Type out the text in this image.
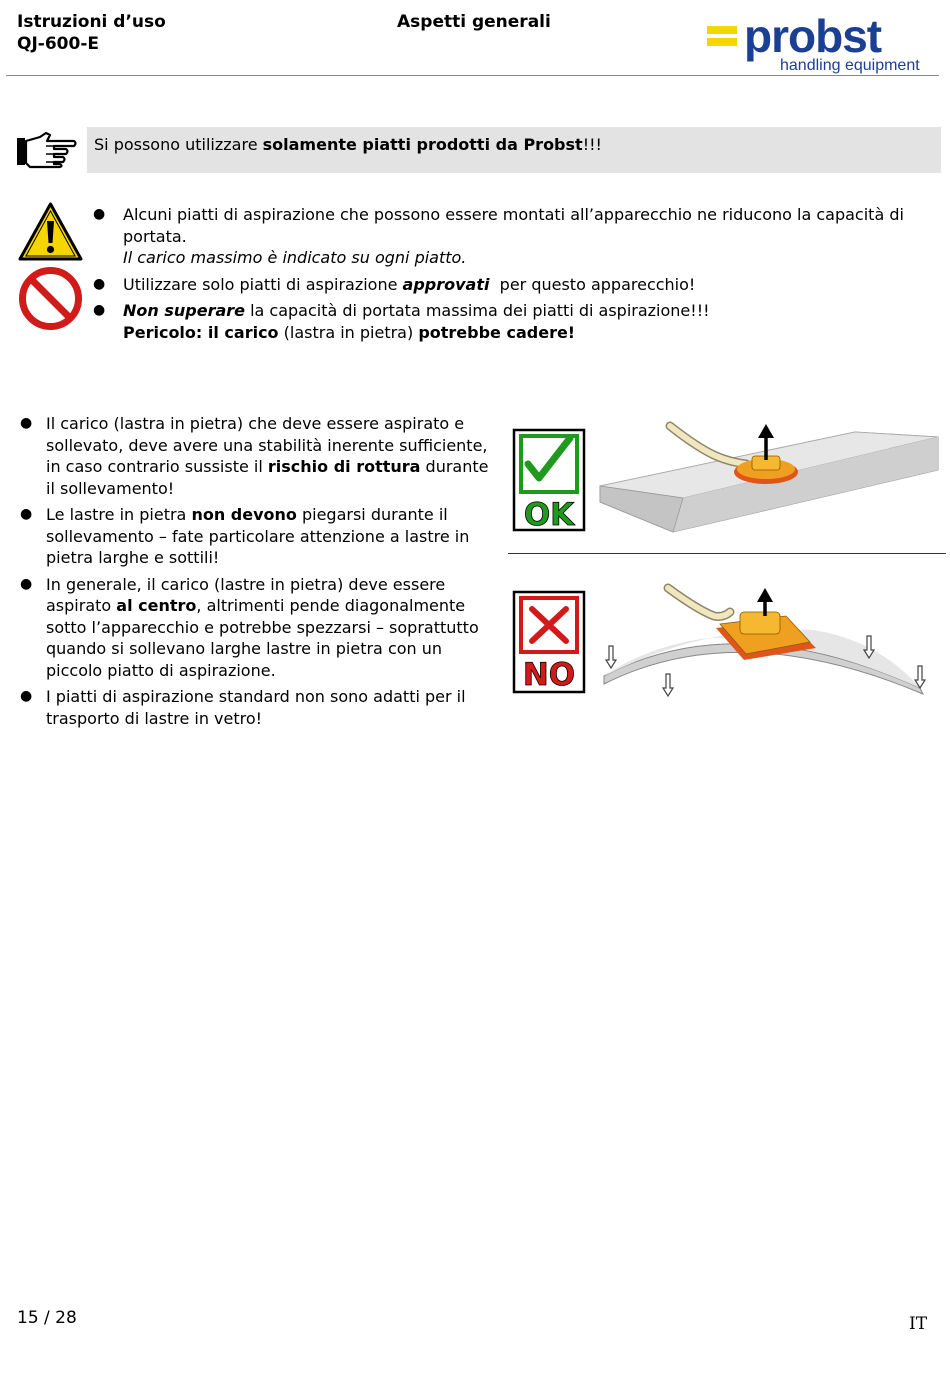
Istruzioni d’uso
QJ-600-E
Aspetti generali	probst
handling equipment
Si possono utilizzare solamente piatti prodotti da Probst!!!
● Alcuni piatti di aspirazione che possono essere montati all’apparecchio ne riducono la capacità di portata.
Il carico massimo è indicato su ogni piatto.
● Utilizzare solo piatti di aspirazione approvati  per questo apparecchio!
● Non superare la capacità di portata massima dei piatti di aspirazione!!!
Pericolo: il carico (lastra in pietra) potrebbe cadere!
● Il carico (lastra in pietra) che deve essere aspirato e sollevato, deve avere una stabilità inerente sufficiente, in caso contrario sussiste il rischio di rottura durante il sollevamento!
● Le lastre in pietra non devono piegarsi durante il sollevamento – fate particolare attenzione a lastre in pietra larghe e sottili!
● In generale, il carico (lastre in pietra) deve essere aspirato al centro, altrimenti pende diagonalmente sotto l’apparecchio e potrebbe spezzarsi – soprattutto quando si sollevano larghe lastre in pietra con un piccolo piatto di aspirazione.
● I piatti di aspirazione standard non sono adatti per il trasporto di lastre in vetro!
OK
NO
15 / 28	IT
